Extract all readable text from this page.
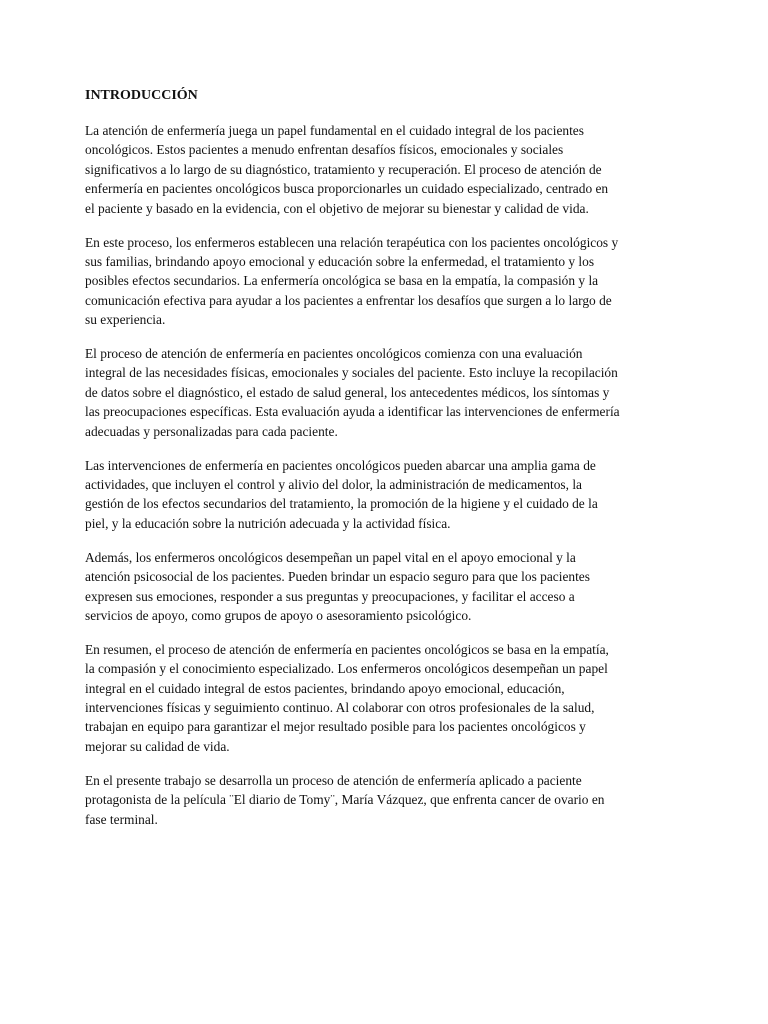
INTRODUCCIÓN

La atención de enfermería juega un papel fundamental en el cuidado integral de los pacientes oncológicos. Estos pacientes a menudo enfrentan desafíos físicos, emocionales y sociales significativos a lo largo de su diagnóstico, tratamiento y recuperación. El proceso de atención de enfermería en pacientes oncológicos busca proporcionarles un cuidado especializado, centrado en el paciente y basado en la evidencia, con el objetivo de mejorar su bienestar y calidad de vida.

En este proceso, los enfermeros establecen una relación terapéutica con los pacientes oncológicos y sus familias, brindando apoyo emocional y educación sobre la enfermedad, el tratamiento y los posibles efectos secundarios. La enfermería oncológica se basa en la empatía, la compasión y la comunicación efectiva para ayudar a los pacientes a enfrentar los desafíos que surgen a lo largo de su experiencia.

El proceso de atención de enfermería en pacientes oncológicos comienza con una evaluación integral de las necesidades físicas, emocionales y sociales del paciente. Esto incluye la recopilación de datos sobre el diagnóstico, el estado de salud general, los antecedentes médicos, los síntomas y las preocupaciones específicas. Esta evaluación ayuda a identificar las intervenciones de enfermería adecuadas y personalizadas para cada paciente.

Las intervenciones de enfermería en pacientes oncológicos pueden abarcar una amplia gama de actividades, que incluyen el control y alivio del dolor, la administración de medicamentos, la gestión de los efectos secundarios del tratamiento, la promoción de la higiene y el cuidado de la piel, y la educación sobre la nutrición adecuada y la actividad física.

Además, los enfermeros oncológicos desempeñan un papel vital en el apoyo emocional y la atención psicosocial de los pacientes. Pueden brindar un espacio seguro para que los pacientes expresen sus emociones, responder a sus preguntas y preocupaciones, y facilitar el acceso a servicios de apoyo, como grupos de apoyo o asesoramiento psicológico.

En resumen, el proceso de atención de enfermería en pacientes oncológicos se basa en la empatía, la compasión y el conocimiento especializado. Los enfermeros oncológicos desempeñan un papel integral en el cuidado integral de estos pacientes, brindando apoyo emocional, educación, intervenciones físicas y seguimiento continuo. Al colaborar con otros profesionales de la salud, trabajan en equipo para garantizar el mejor resultado posible para los pacientes oncológicos y mejorar su calidad de vida.

En el presente trabajo se desarrolla un proceso de atención de enfermería aplicado a paciente protagonista de la película ¨El diario de Tomy¨, María Vázquez, que enfrenta cancer de ovario en fase terminal.
